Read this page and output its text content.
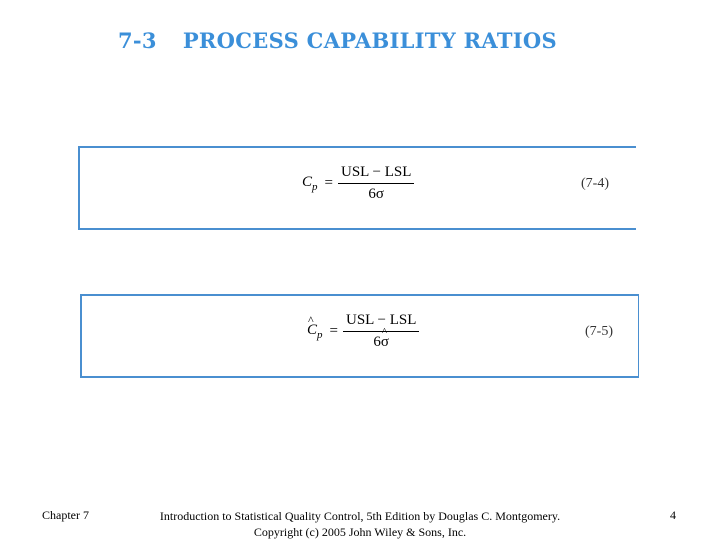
7-3 PROCESS CAPABILITY RATIOS
$C_p = \frac{\text{USL − LSL}}{6\sigma}$	(7-4)
^ $C_p = \frac{\text{USL − LSL}}{6\^{} \sigma}$	(7-5)
Chapter 7	Introduction to Statistical Quality Control, 5th Edition by Douglas C. Montgomery.
Copyright (c) 2005 John Wiley & Sons, Inc.
4
